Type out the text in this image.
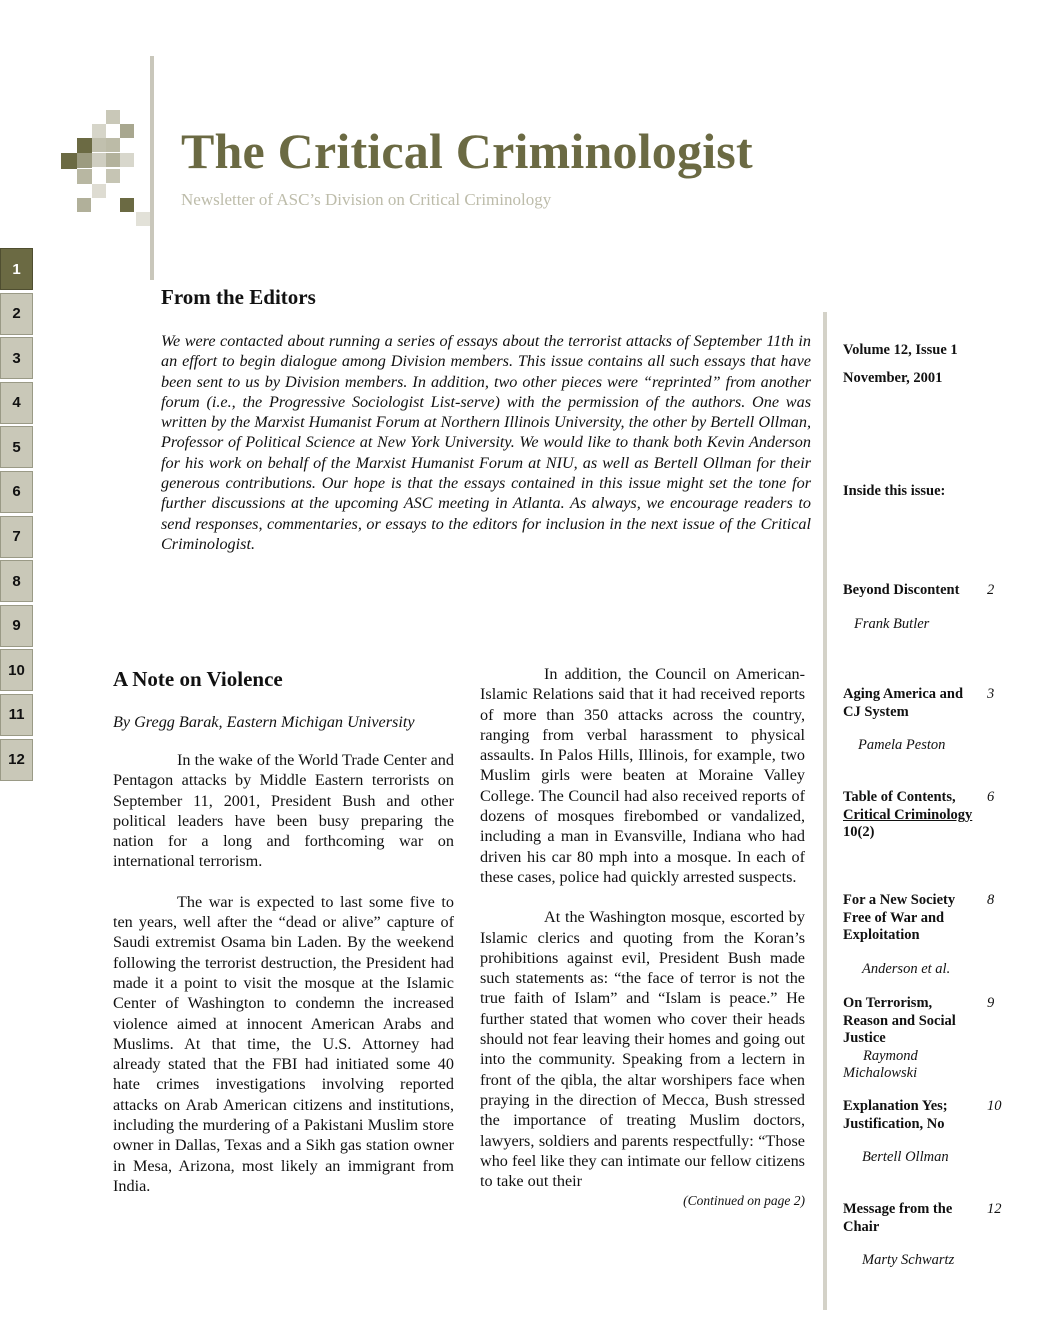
The Critical Criminologist
Newsletter of ASC’s Division on Critical Criminology
1
2
3
4
5
6
7
8
9
10
11
12
From the Editors
We were contacted about running a series of essays about the terrorist attacks of September 11th in an effort to begin dialogue among Division members. This issue contains all such essays that have been sent to us by Division members. In addition, two other pieces were “reprinted” from another forum (i.e., the Progressive Sociologist List-serve) with the permission of the authors. One was written by the Marxist Humanist Forum at Northern Illinois University, the other by Bertell Ollman, Professor of Political Science at New York University. We would like to thank both Kevin Anderson for his work on behalf of the Marxist Humanist Forum at NIU, as well as Bertell Ollman for their generous contributions. Our hope is that the essays contained in this issue might set the tone for further discussions at the upcoming ASC meeting in Atlanta. As always, we encourage readers to send responses, commentaries, or essays to the editors for inclusion in the next issue of the Critical Criminologist.
A Note on Violence
By Gregg Barak, Eastern Michigan University
In the wake of the World Trade Center and Pentagon attacks by Middle Eastern terrorists on September 11, 2001, President Bush and other political leaders have been busy preparing the nation for a long and forthcoming war on international terrorism.
The war is expected to last some five to ten years, well after the “dead or alive” capture of Saudi extremist Osama bin Laden. By the weekend following the terrorist destruction, the President had made it a point to visit the mosque at the Islamic Center of Washington to condemn the increased violence aimed at innocent American Arabs and Muslims. At that time, the U.S. Attorney had already stated that the FBI had initiated some 40 hate crimes investigations involving reported attacks on Arab American citizens and institutions, including the murdering of a Pakistani Muslim store owner in Dallas, Texas and a Sikh gas station owner in Mesa, Arizona, most likely an immigrant from India.
In addition, the Council on American-Islamic Relations said that it had received reports of more than 350 attacks across the country, ranging from verbal harassment to physical assaults. In Palos Hills, Illinois, for example, two Muslim girls were beaten at Moraine Valley College. The Council had also received reports of dozens of mosques firebombed or vandalized, including a man in Evansville, Indiana who had driven his car 80 mph into a mosque. In each of these cases, police had quickly arrested suspects.
At the Washington mosque, escorted by Islamic clerics and quoting from the Koran’s prohibitions against evil, President Bush made such statements as: “the face of terror is not the true faith of Islam” and “Islam is peace.” He further stated that women who cover their heads should not fear leaving their homes and going out into the community. Speaking from a lectern in front of the qibla, the altar worshipers face when praying in the direction of Mecca, Bush stressed the importance of treating Muslim doctors, lawyers, soldiers and parents respectfully: “Those who feel like they can intimate our fellow citizens to take out their
(Continued on page 2)
Volume 12, Issue 1
November, 2001
Inside this issue:
Beyond Discontent 2
Frank Butler
Aging America and CJ System
3
Pamela Peston
Table of Contents, Critical Criminology 10(2)
6
For a New Society Free of War and Exploitation
8
Anderson et al.
On Terrorism, Reason and Social Justice
9
Raymond Michalowski
Explanation Yes; Justification, No
10
Bertell Ollman
Message from the Chair
12
Marty Schwartz
